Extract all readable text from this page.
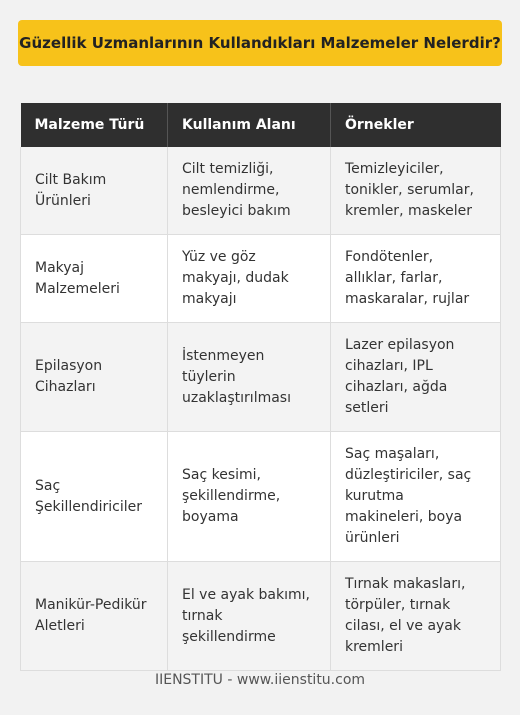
Güzellik Uzmanlarının Kullandıkları Malzemeler Nelerdir?
Malzeme Türü	Kullanım Alanı	Örnekler
Cilt Bakım Ürünleri	Cilt temizliği, nemlendirme, besleyici bakım	Temizleyiciler, tonikler, serumlar, kremler, maskeler
Makyaj Malzemeleri	Yüz ve göz makyajı, dudak makyajı	Fondötenler, allıklar, farlar, maskaralar, rujlar
Epilasyon Cihazları	İstenmeyen tüylerin uzaklaştırılması	Lazer epilasyon cihazları, IPL cihazları, ağda setleri
Saç Şekillendiriciler	Saç kesimi, şekillendirme, boyama	Saç maşaları, düzleştiriciler, saç kurutma makineleri, boya ürünleri
Manikür-Pedikür Aletleri	El ve ayak bakımı, tırnak şekillendirme	Tırnak makasları, törpüler, tırnak cilası, el ve ayak kremleri
IIENSTITU - www.iienstitu.com
